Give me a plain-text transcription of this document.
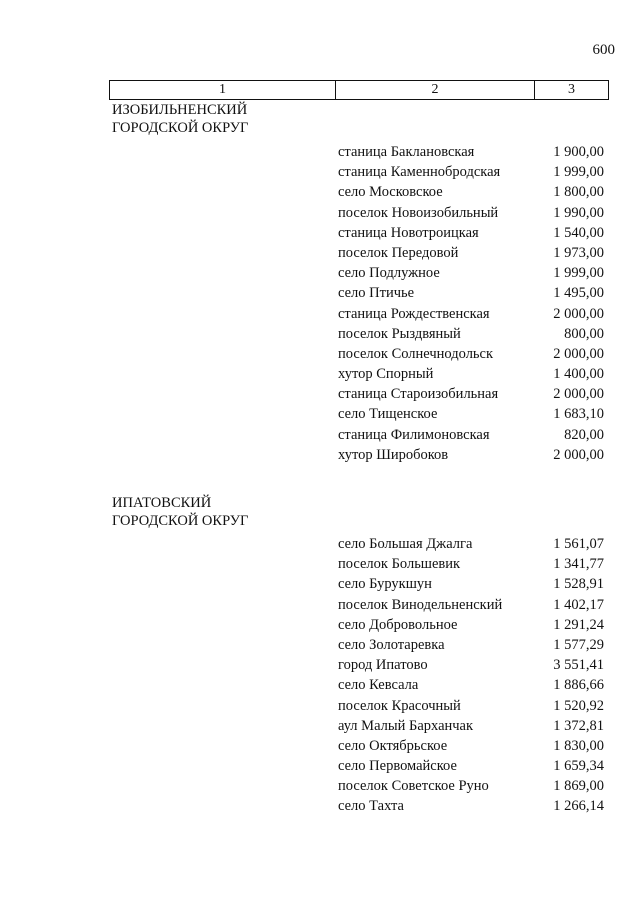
600
1	2	3
ИЗОБИЛЬНЕНСКИЙ
ГОРОДСКОЙ ОКРУГ
станица Баклановская	1 900,00
станица Каменнобродская	1 999,00
село Московское	1 800,00
поселок Новоизобильный	1 990,00
станица Новотроицкая	1 540,00
поселок Передовой	1 973,00
село Подлужное	1 999,00
село Птичье	1 495,00
станица Рождественская	2 000,00
поселок Рыздвяный	800,00
поселок Солнечнодольск	2 000,00
хутор Спорный	1 400,00
станица Староизобильная	2 000,00
село Тищенское	1 683,10
станица Филимоновская	820,00
хутор Широбоков	2 000,00
ИПАТОВСКИЙ
ГОРОДСКОЙ ОКРУГ
село Большая Джалга	1 561,07
поселок Большевик	1 341,77
село Бурукшун	1 528,91
поселок Винодельненский	1 402,17
село Добровольное	1 291,24
село Золотаревка	1 577,29
город Ипатово	3 551,41
село Кевсала	1 886,66
поселок Красочный	1 520,92
аул Малый Барханчак	1 372,81
село Октябрьское	1 830,00
село Первомайское	1 659,34
поселок Советское Руно	1 869,00
село Тахта	1 266,14
